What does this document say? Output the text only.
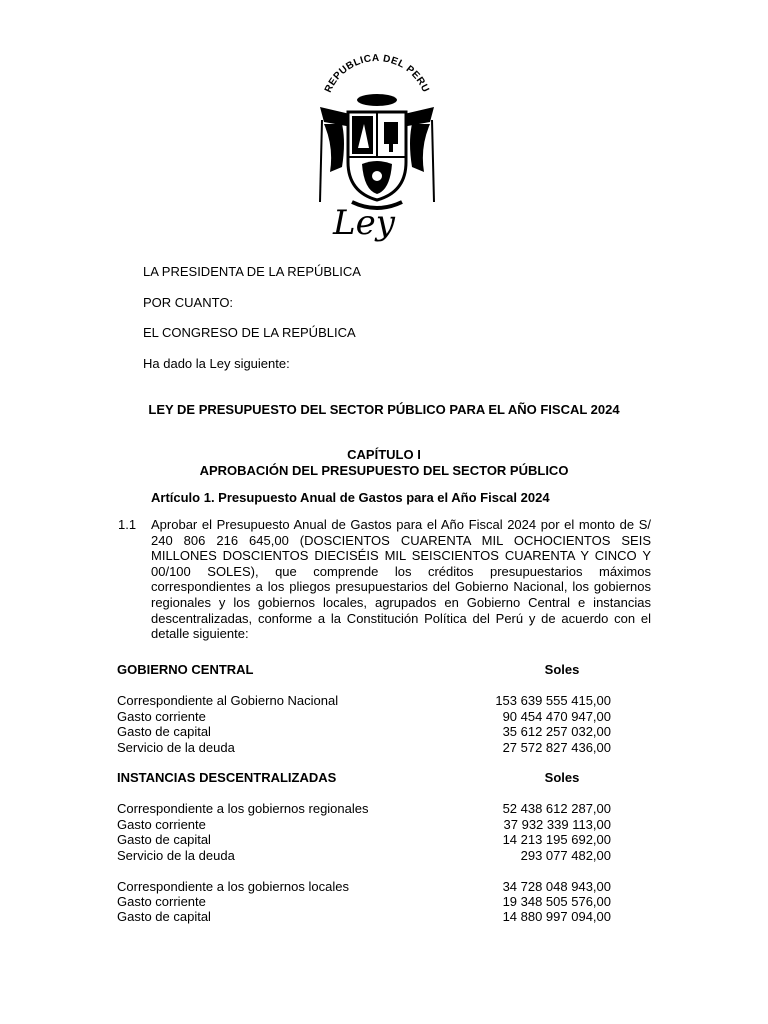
REPUBLICA DEL PERU
Ley
LA PRESIDENTA DE LA REPÚBLICA
POR CUANTO:
EL CONGRESO DE LA REPÚBLICA
Ha dado la Ley siguiente:
LEY DE PRESUPUESTO DEL SECTOR PÚBLICO PARA EL AÑO FISCAL 2024
CAPÍTULO I
APROBACIÓN DEL PRESUPUESTO DEL SECTOR PÚBLICO
Artículo 1. Presupuesto Anual de Gastos para el Año Fiscal 2024
1.1 Aprobar el Presupuesto Anual de Gastos para el Año Fiscal 2024 por el monto de S/ 240 806 216 645,00 (DOSCIENTOS CUARENTA MIL OCHOCIENTOS SEIS MILLONES DOSCIENTOS DIECISÉIS MIL SEISCIENTOS CUARENTA Y CINCO Y 00/100 SOLES), que comprende los créditos presupuestarios máximos correspondientes a los pliegos presupuestarios del Gobierno Nacional, los gobiernos regionales y los gobiernos locales, agrupados en Gobierno Central e instancias descentralizadas, conforme a la Constitución Política del Perú y de acuerdo con el detalle siguiente:
GOBIERNO CENTRAL	Soles
Correspondiente al Gobierno Nacional	153 639 555 415,00
Gasto corriente	90 454 470 947,00
Gasto de capital	35 612 257 032,00
Servicio de la deuda	27 572 827 436,00
INSTANCIAS DESCENTRALIZADAS	Soles
Correspondiente a los gobiernos regionales	52 438 612 287,00
Gasto corriente	37 932 339 113,00
Gasto de capital	14 213 195 692,00
Servicio de la deuda	293 077 482,00
Correspondiente a los gobiernos locales	34 728 048 943,00
Gasto corriente	19 348 505 576,00
Gasto de capital	14 880 997 094,00
